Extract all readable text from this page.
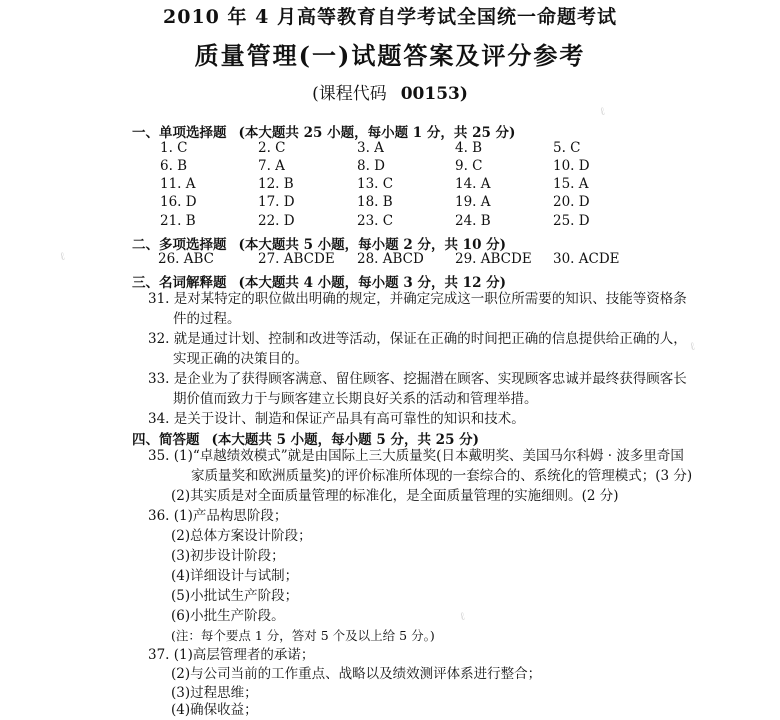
2010 年 4 月高等教育自学考试全国统一命题考试
质量管理(一)试题答案及评分参考
(课程代码 00153)
一、单项选择题 (本大题共 25 小题，每小题 1 分，共 25 分)
1. C	2. C	3. A	4. B	5. C
6. B	7. A	8. D	9. C	10. D
11. A	12. B	13. C	14. A	15. A
16. D	17. D	18. B	19. A	20. D
21. B	22. D	23. C	24. B	25. D
二、多项选择题 (本大题共 5 小题，每小题 2 分，共 10 分)
26. ABC	27. ABCDE 28. ABCD 29. ABCDE 30. ACDE
三、名词解释题 (本大题共 4 小题，每小题 3 分，共 12 分)
31. 是对某特定的职位做出明确的规定，并确定完成这一职位所需要的知识、技能等资格条
件的过程。
32. 就是通过计划、控制和改进等活动，保证在正确的时间把正确的信息提供给正确的人，
实现正确的决策目的。
33. 是企业为了获得顾客满意、留住顾客、挖掘潜在顾客、实现顾客忠诚并最终获得顾客长
期价值而致力于与顾客建立长期良好关系的活动和管理举措。
34. 是关于设计、制造和保证产品具有高可靠性的知识和技术。
四、简答题 (本大题共 5 小题，每小题 5 分，共 25 分)
35. (1)“卓越绩效模式”就是由国际上三大质量奖(日本戴明奖、美国马尔科姆 · 波多里奇国
家质量奖和欧洲质量奖)的评价标准所体现的一套综合的、系统化的管理模式；(3 分)
(2)其实质是对全面质量管理的标准化，是全面质量管理的实施细则。(2 分)
36. (1)产品构思阶段；
(2)总体方案设计阶段；
(3)初步设计阶段；
(4)详细设计与试制；
(5)小批试生产阶段；
(6)小批生产阶段。
(注：每个要点 1 分，答对 5 个及以上给 5 分。)
37. (1)高层管理者的承诺；
(2)与公司当前的工作重点、战略以及绩效测评体系进行整合；
(3)过程思维；
(4)确保收益；
ℓ
ℓ
ℓ
ℓ
